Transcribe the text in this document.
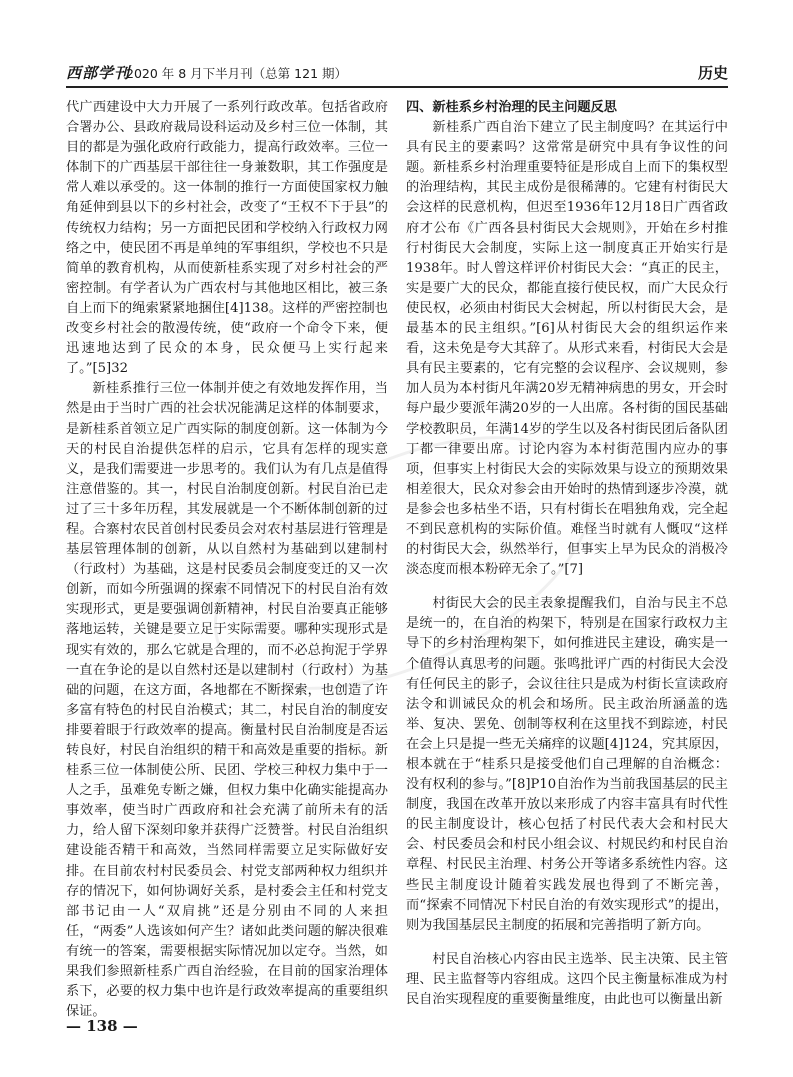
西部学刊
2020 年 8 月下半月刊（总第 121 期）	历史

代广西建设中大力开展了一系列行政改革。包括省政府合署办公、县政府裁局设科运动及乡村三位一体制，其目的都是为强化政府行政能力，提高行政效率。三位一体制下的广西基层干部往往一身兼数职，其工作强度是常人难以承受的。这一体制的推行一方面使国家权力触角延伸到县以下的乡村社会，改变了“王权不下于县”的传统权力结构；另一方面把民团和学校纳入行政权力网络之中，使民团不再是单纯的军事组织，学校也不只是简单的教育机构，从而使新桂系实现了对乡村社会的严密控制。有学者认为广西农村与其他地区相比，被三条自上而下的绳索紧紧地捆住[4]138。这样的严密控制也改变乡村社会的散漫传统，使“政府一个命令下来，便迅速地达到了民众的本身，民众便马上实行起来了。”[5]32

新桂系推行三位一体制并使之有效地发挥作用，当然是由于当时广西的社会状况能满足这样的体制要求，是新桂系首领立足广西实际的制度创新。这一体制为今天的村民自治提供怎样的启示，它具有怎样的现实意义，是我们需要进一步思考的。我们认为有几点是值得注意借鉴的。其一，村民自治制度创新。村民自治已走过了三十多年历程，其发展就是一个不断体制创新的过程。合寨村农民首创村民委员会对农村基层进行管理是基层管理体制的创新，从以自然村为基础到以建制村（行政村）为基础，这是村民委员会制度变迁的又一次创新，而如今所强调的探索不同情况下的村民自治有效实现形式，更是要强调创新精神，村民自治要真正能够落地运转，关键是要立足于实际需要。哪种实现形式是现实有效的，那么它就是合理的，而不必总拘泥于学界一直在争论的是以自然村还是以建制村（行政村）为基础的问题，在这方面，各地都在不断探索，也创造了许多富有特色的村民自治模式；其二，村民自治的制度安排要着眼于行政效率的提高。衡量村民自治制度是否运转良好，村民自治组织的精干和高效是重要的指标。新桂系三位一体制使公所、民团、学校三种权力集中于一人之手，虽难免专断之嫌，但权力集中化确实能提高办事效率，使当时广西政府和社会充满了前所未有的活力，给人留下深刻印象并获得广泛赞誉。村民自治组织建设能否精干和高效，当然同样需要立足实际做好安排。在目前农村村民委员会、村党支部两种权力组织并存的情况下，如何协调好关系，是村委会主任和村党支部书记由一人“双肩挑”还是分别由不同的人来担任，“两委”人选该如何产生？诸如此类问题的解决很难有统一的答案，需要根据实际情况加以定夺。当然，如果我们参照新桂系广西自治经验，在目前的国家治理体系下，必要的权力集中也许是行政效率提高的重要组织保证。

四、新桂系乡村治理的民主问题反思

新桂系广西自治下建立了民主制度吗？在其运行中具有民主的要素吗？这常常是研究中具有争议性的问题。新桂系乡村治理重要特征是形成自上而下的集权型的治理结构，其民主成份是很稀薄的。它建有村街民大会这样的民意机构，但迟至1936年12月18日广西省政府才公布《广西各县村街民大会规则》，开始在乡村推行村街民大会制度，实际上这一制度真正开始实行是1938年。时人曾这样评价村街民大会：“真正的民主，实是要广大的民众，都能直接行使民权，而广大民众行使民权，必须由村街民大会树起，所以村街民大会，是最基本的民主组织。”[6]从村街民大会的组织运作来看，这未免是夸大其辞了。从形式来看，村街民大会是具有民主要素的，它有完整的会议程序、会议规则，参加人员为本村街凡年满20岁无精神病患的男女，开会时每户最少要派年满20岁的一人出席。各村街的国民基础学校教职员，年满14岁的学生以及各村街民团后备队团丁都一律要出席。讨论内容为本村街范围内应办的事项，但事实上村街民大会的实际效果与设立的预期效果相差很大，民众对参会由开始时的热情到逐步冷漠，就是参会也多枯坐不语，只有村街长在唱独角戏，完全起不到民意机构的实际价值。难怪当时就有人慨叹“这样的村街民大会，纵然举行，但事实上早为民众的消极冷淡态度而根本粉碎无余了。”[7]

村街民大会的民主表象提醒我们，自治与民主不总是统一的，在自治的构架下，特别是在国家行政权力主导下的乡村治理构架下，如何推进民主建设，确实是一个值得认真思考的问题。张鸣批评广西的村街民大会没有任何民主的影子，会议往往只是成为村街长宣读政府法令和训诫民众的机会和场所。民主政治所涵盖的选举、复决、罢免、创制等权利在这里找不到踪迹，村民在会上只是提一些无关痛痒的议题[4]124，究其原因，根本就在于“桂系只是接受他们自己理解的自治概念：没有权利的参与。”[8]P10自治作为当前我国基层的民主制度，我国在改革开放以来形成了内容丰富具有时代性的民主制度设计，核心包括了村民代表大会和村民大会、村民委员会和村民小组会议、村规民约和村民自治章程、村民民主治理、村务公开等诸多系统性内容。这些民主制度设计随着实践发展也得到了不断完善，而“探索不同情况下村民自治的有效实现形式”的提出，则为我国基层民主制度的拓展和完善指明了新方向。

村民自治核心内容由民主选举、民主决策、民主管理、民主监督等内容组成。这四个民主衡量标准成为村民自治实现程度的重要衡量维度，由此也可以衡量出新

— 138 —
